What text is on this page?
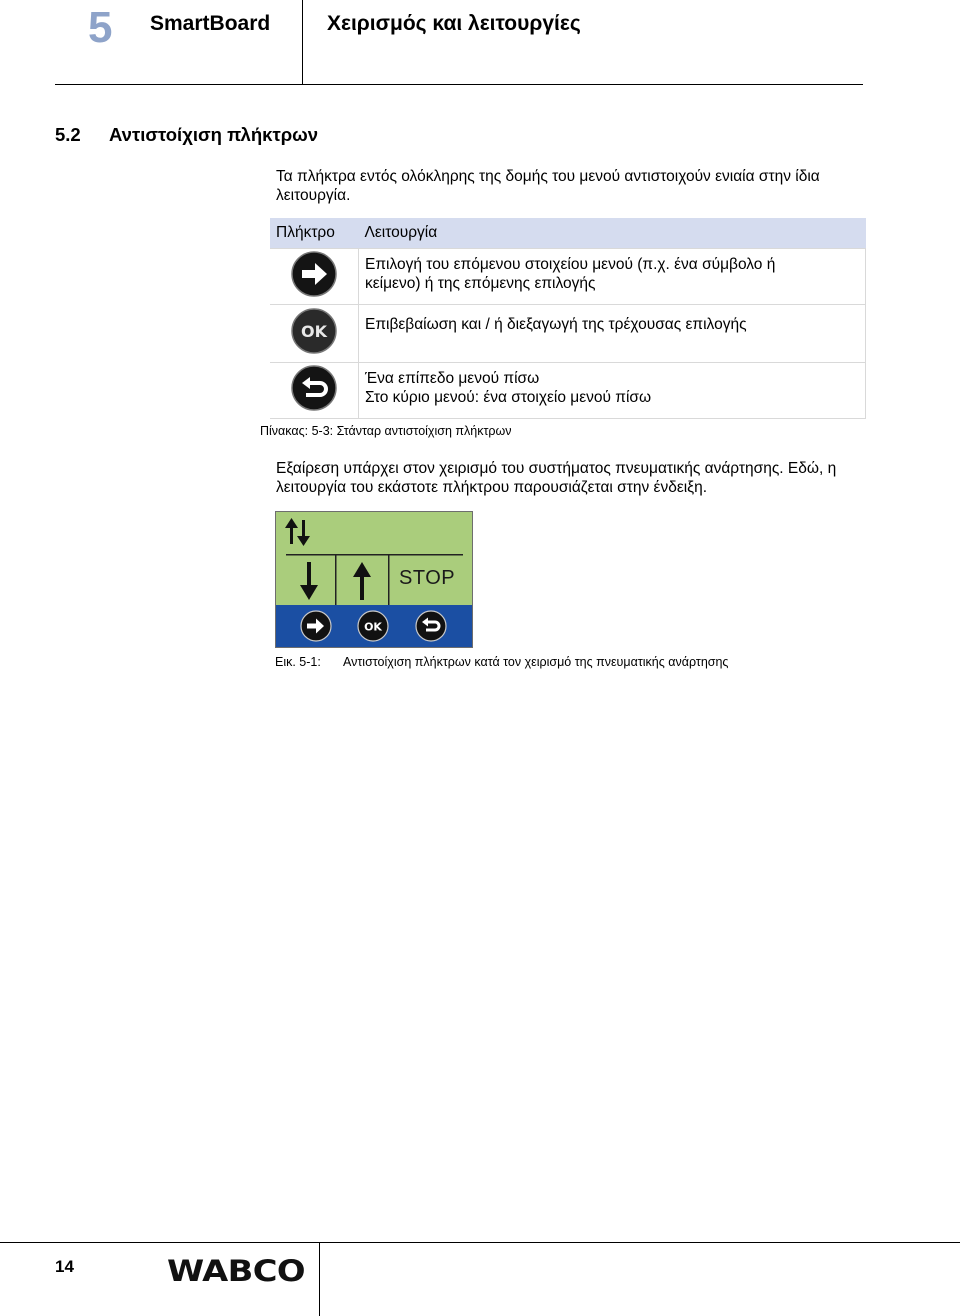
5 SmartBoard	Χειρισμός και λειτουργίες
5.2 Αντιστοίχιση πλήκτρων
Τα πλήκτρα εντός ολόκληρης της δομής του μενού αντιστοιχούν ενιαία στην ίδια λειτουργία.
Πλήκτρο	Λειτουργία

Επιλογή του επόμενου στοιχείου μενού (π.χ. ένα σύμβολο ή
κείμενο) ή της επόμενης επιλογής

OK	Επιβεβαίωση και / ή διεξαγωγή της τρέχουσας επιλογής

Ένα επίπεδο μενού πίσω
Στο κύριο μενού: ένα στοιχείο μενού πίσω
Πίνακας: 5-3: Στάνταρ αντιστοίχιση πλήκτρων
Εξαίρεση υπάρχει στον χειρισμό του συστήματος πνευματικής ανάρτησης. Εδώ, η
λειτουργία του εκάστοτε πλήκτρου παρουσιάζεται στην ένδειξη.
STOP
OK
Εικ. 5-1: Αντιστοίχιση πλήκτρων κατά τον χειρισμό της πνευματικής ανάρτησης
14	WABCO
